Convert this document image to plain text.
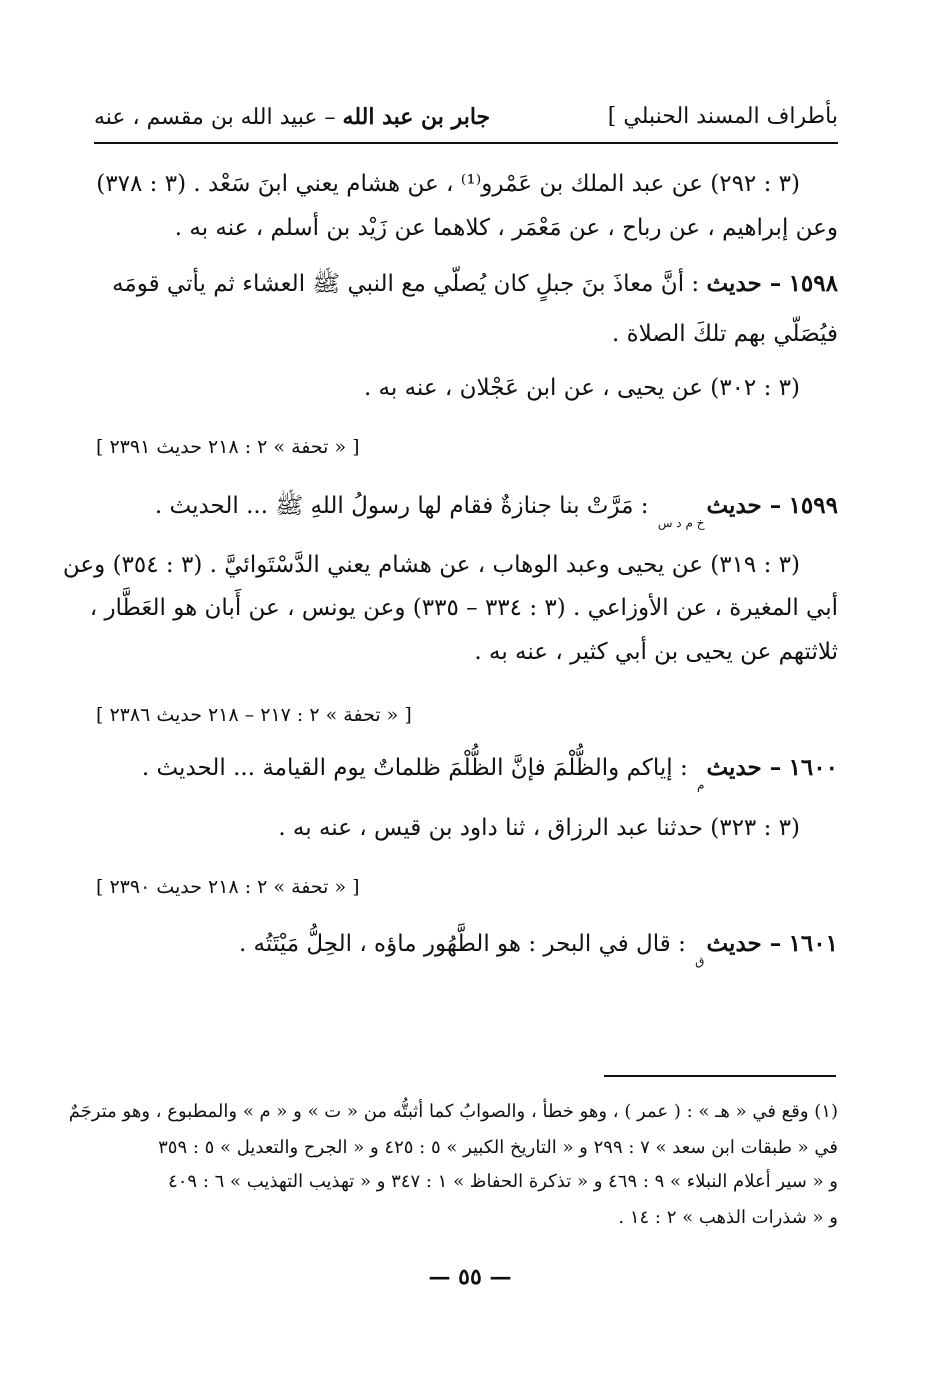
بأطراف المسند الحنبلي ]
جابر بن عبد الله – عبيد الله بن مقسم ، عنه
(٣ : ٢٩٢) عن عبد الملك بن عَمْرو⁽¹⁾ ، عن هشام يعني ابنَ سَعْد . (٣ : ٣٧٨)
وعن إبراهيم ، عن رباح ، عن مَعْمَر ، كلاهما عن زَيْد بن أسلم ، عنه به .
١٥٩٨ – حديث : أنَّ معاذَ بنَ جبلٍ كان يُصلّي مع النبي ﷺ العشاء ثم يأتي قومَه
فيُصَلّي بهم تلكَ الصلاة .
(٣ : ٣٠٢) عن يحيى ، عن ابن عَجْلان ، عنه به .
[ « تحفة » ٢ : ٢١٨ حديث ٢٣٩١ ]
١٥٩٩ – حديثخ م د س : مَرَّتْ بنا جنازةٌ فقام لها رسولُ اللهِ ﷺ ... الحديث .
(٣ : ٣١٩) عن يحيى وعبد الوهاب ، عن هشام يعني الدَّسْتَوائيَّ . (٣ : ٣٥٤) وعن
أبي المغيرة ، عن الأوزاعي . (٣ : ٣٣٤ – ٣٣٥) وعن يونس ، عن أَبان هو العَطَّار ،
ثلاثتهم عن يحيى بن أبي كثير ، عنه به .
[ « تحفة » ٢ : ٢١٧ – ٢١٨ حديث ٢٣٨٦ ]
١٦٠٠ – حديثم : إياكم والظُّلْمَ فإنَّ الظُّلْمَ ظلماتٌ يوم القيامة ... الحديث .
(٣ : ٣٢٣) حدثنا عبد الرزاق ، ثنا داود بن قيس ، عنه به .
[ « تحفة » ٢ : ٢١٨ حديث ٢٣٩٠ ]
١٦٠١ – حديثق : قال في البحر : هو الطَّهُور ماؤه ، الحِلُّ مَيْتَتُه .
(١) وقع في « هـ » : ( عمر ) ، وهو خطأ ، والصوابُ كما أثبتُّه من « ت » و « م » والمطبوع ، وهو مترجَمٌ
في « طبقات ابن سعد » ٧ : ٢٩٩ و « التاريخ الكبير » ٥ : ٤٢٥ و « الجرح والتعديل » ٥ : ٣٥٩
و « سير أعلام النبلاء » ٩ : ٤٦٩ و « تذكرة الحفاظ » ١ : ٣٤٧ و « تهذيب التهذيب » ٦ : ٤٠٩
و « شذرات الذهب » ٢ : ١٤ .
— ٥٥ —
